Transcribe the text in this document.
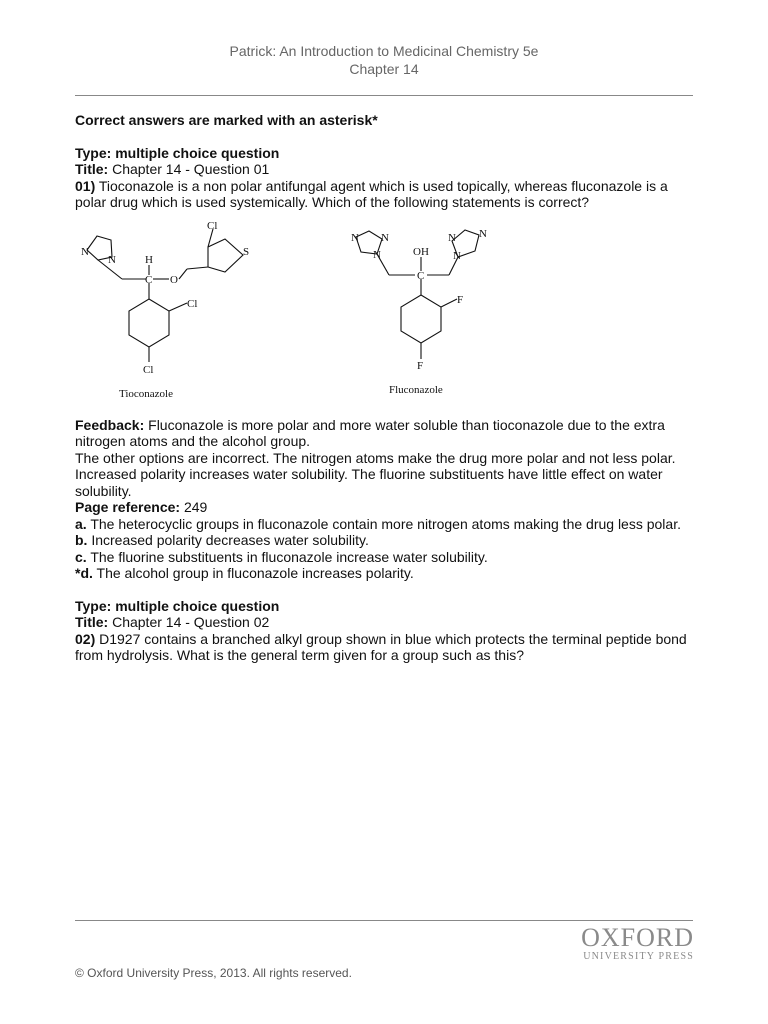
Patrick: An Introduction to Medicinal Chemistry 5e
Chapter 14

Correct answers are marked with an asterisk*

Type: multiple choice question

Title: Chapter 14 - Question 01

01) Tioconazole is a non polar antifungal agent which is used topically, whereas fluconazole is a polar drug which is used systemically. Which of the following statements is correct?

N
N	H
C O
Cl
S
Cl
Cl
Tioconazole
N N
N
N N
N
OH
C
F
F
Fluconazole

Feedback: Fluconazole is more polar and more water soluble than tioconazole due to the extra nitrogen atoms and the alcohol group.

The other options are incorrect. The nitrogen atoms make the drug more polar and not less polar. Increased polarity increases water solubility. The fluorine substituents have little effect on water solubility.

Page reference: 249

a. The heterocyclic groups in fluconazole contain more nitrogen atoms making the drug less polar.

b. Increased polarity decreases water solubility.

c. The fluorine substituents in fluconazole increase water solubility.

*d. The alcohol group in fluconazole increases polarity.

Type: multiple choice question

Title: Chapter 14 - Question 02

02) D1927 contains a branched alkyl group shown in blue which protects the terminal peptide bond from hydrolysis. What is the general term given for a group such as this?

OXFORD
UNIVERSITY PRESS
© Oxford University Press, 2013. All rights reserved.
